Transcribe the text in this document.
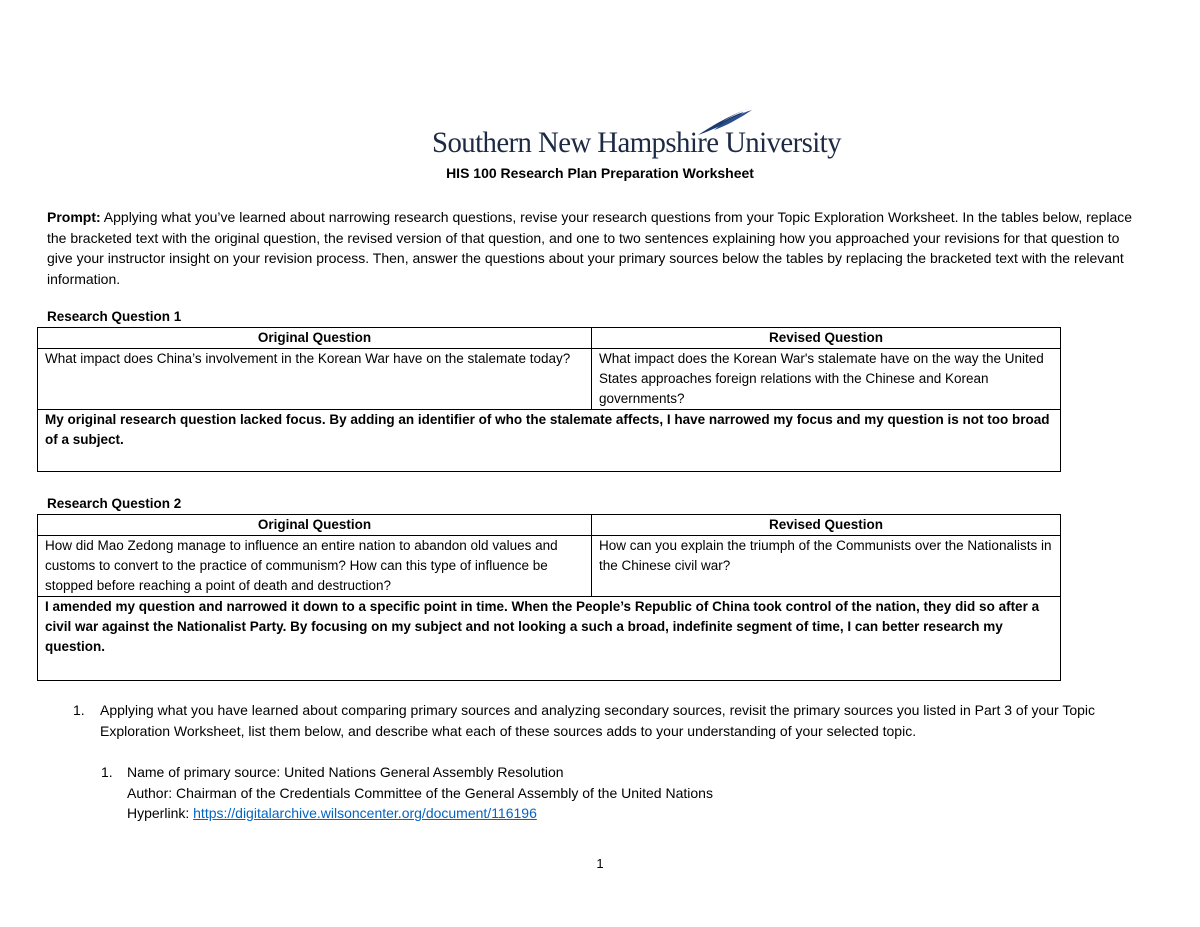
Southern New Hampshire University
HIS 100 Research Plan Preparation Worksheet
Prompt: Applying what you’ve learned about narrowing research questions, revise your research questions from your Topic Exploration Worksheet. In the tables below, replace the bracketed text with the original question, the revised version of that question, and one to two sentences explaining how you approached your revisions for that question to give your instructor insight on your revision process. Then, answer the questions about your primary sources below the tables by replacing the bracketed text with the relevant information.
Research Question 1
Original Question	Revised Question
What impact does China’s involvement in the Korean War have on the stalemate today?	What impact does the Korean War's stalemate have on the way the United States approaches foreign relations with the Chinese and Korean governments?
My original research question lacked focus. By adding an identifier of who the stalemate affects, I have narrowed my focus and my question is not too broad of a subject.	
Research Question 2
Original Question	Revised Question
How did Mao Zedong manage to influence an entire nation to abandon old values and customs to convert to the practice of communism? How can this type of influence be stopped before reaching a point of death and destruction?	How can you explain the triumph of the Communists over the Nationalists in the Chinese civil war?
I amended my question and narrowed it down to a specific point in time. When the People’s Republic of China took control of the nation, they did so after a civil war against the Nationalist Party. By focusing on my subject and not looking a such a broad, indefinite segment of time, I can better research my question.	
1. Applying what you have learned about comparing primary sources and analyzing secondary sources, revisit the primary sources you listed in Part 3 of your Topic Exploration Worksheet, list them below, and describe what each of these sources adds to your understanding of your selected topic.
1. Name of primary source: United Nations General Assembly Resolution
Author: Chairman of the Credentials Committee of the General Assembly of the United Nations
Hyperlink: https://digitalarchive.wilsoncenter.org/document/116196
1
